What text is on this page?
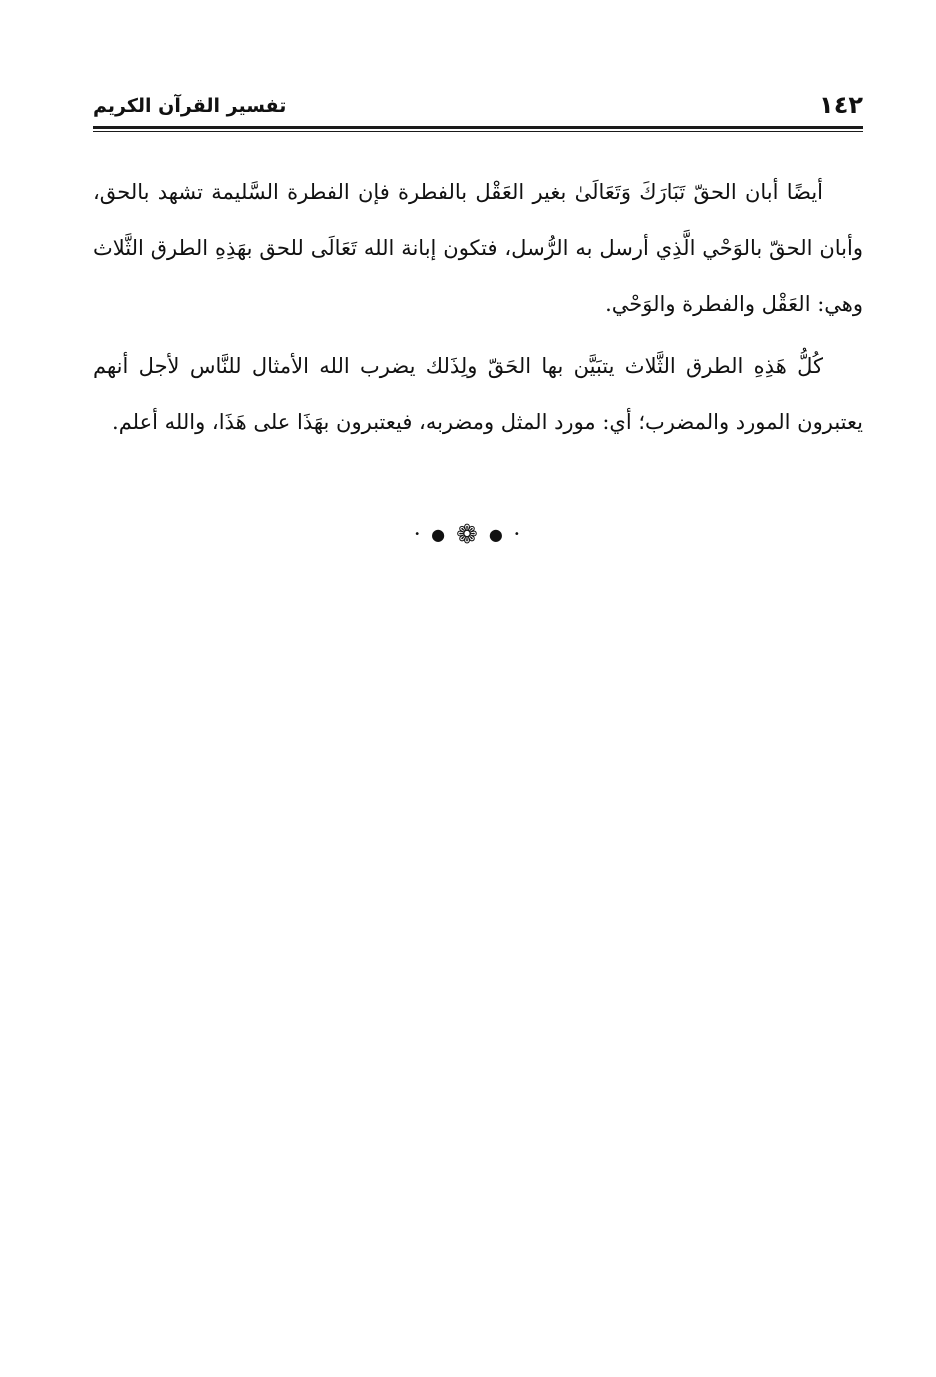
١٤٢
تفسير القرآن الكريم

أيضًا أبان الحقّ تَبَارَكَ وَتَعَالَىٰ بغير العَقْل بالفطرة فإن الفطرة السَّليمة تشهد بالحق، وأبان الحقّ بالوَحْي الَّذِي أرسل به الرُّسل، فتكون إبانة الله تَعَالَى للحق بهَذِهِ الطرق الثَّلاث وهي: العَقْل والفطرة والوَحْي.

كُلُّ هَذِهِ الطرق الثَّلاث يتبَيَّن بها الحَقّ ولِذَلك يضرب الله الأمثال للنَّاس لأجل أنهم يعتبرون المورد والمضرب؛ أي: مورد المثل ومضربه، فيعتبرون بهَذَا على هَذَا، والله أعلم.

• ● ❁ ● •
